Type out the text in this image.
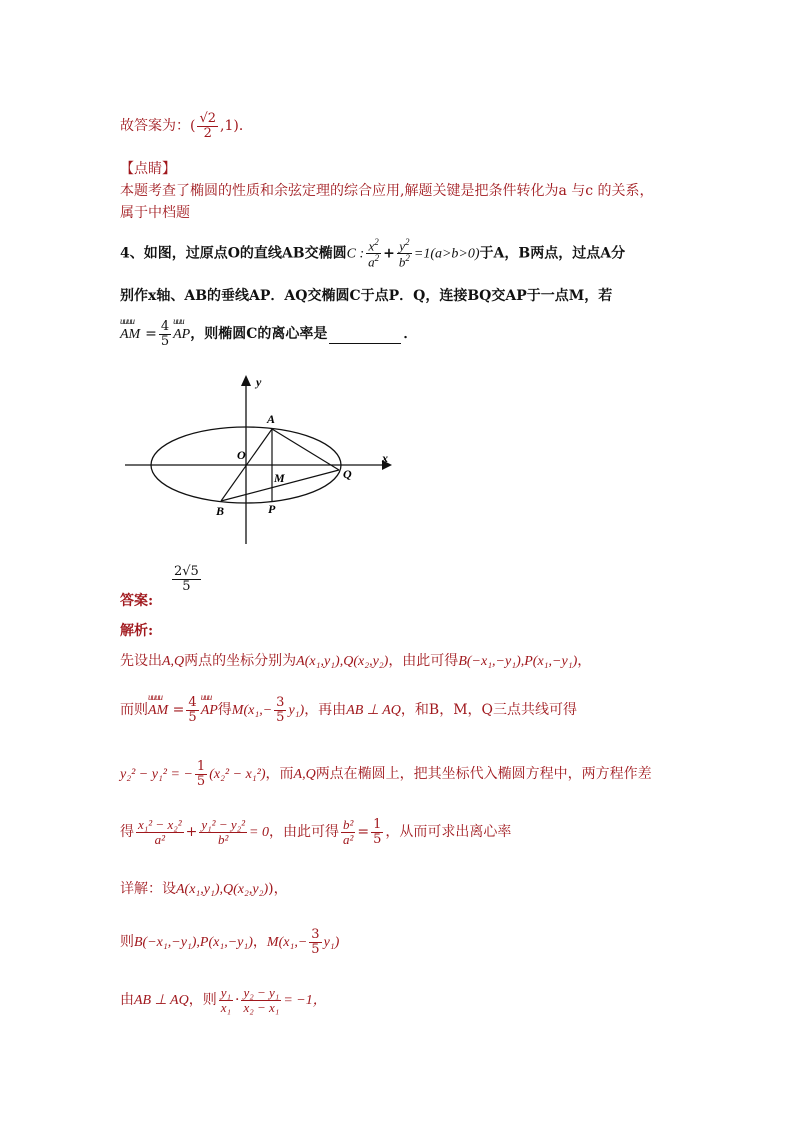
故答案为：( $\frac{√2}{2} ,1$)．
【点睛】
本题考查了椭圆的性质和余弦定理的综合应用,解题关键是把条件转化为a 与c 的关系，
属于中档题
4、如图，过原点O的直线AB交椭圆C : $\frac{x^2}{a^2} + \frac{y^2}{b^2} =1(a>b>0)$于A，B两点，过点A分
别作x轴、AB的垂线AP．AQ交椭圆C于点P．Q，连接BQ交AP于一点M，若
AM
uuuu
= $\frac{4}{5}$ AP
uuu
，则椭圆C的离心率是	．
y
x
O
A
Q
M
B	P
答案:
$\frac{2√5}{5}$
解析:
先设出A,Q两点的坐标分别为A(x₁,y₁),Q(x₂,y₂)，由此可得B(−x₁,−y₁),P(x₁,−y₁)，
而则AM
uuuu
= $\frac{4}{5}$ AP
uuu
得$M(x_1,- \frac{3}{5} y_1)$，再由AB ⊥ AQ，和B，M，Q三点共线可得
y₂² − y₁² = − $\frac{1}{5} (x_2^2 - x_1^2)$，而A,Q两点在椭圆上，把其坐标代入椭圆方程中，两方程作差
得 $\frac{\text{x₁² − x₂²}}{\text{a²}} + \frac{\text{y₁² − y₂²}}{\text{b²}} = 0$，由此可得 $\frac{\text{b²}}{\text{a²}} = \frac{1}{5}$ ，从而可求出离心率
详解：设A(x₁,y₁),Q(x₂,y₂))，
则B(−x₁,−y₁),P(x₁,−y₁)，$M(x_1,- \frac{3}{5} y_1)$
由AB ⊥ AQ，则 $\frac{\text{y₁}}{\text{x₁}} \cdot \frac{\text{y₂ − y₁}}{\text{x₂ − x₁}} = -1$，
